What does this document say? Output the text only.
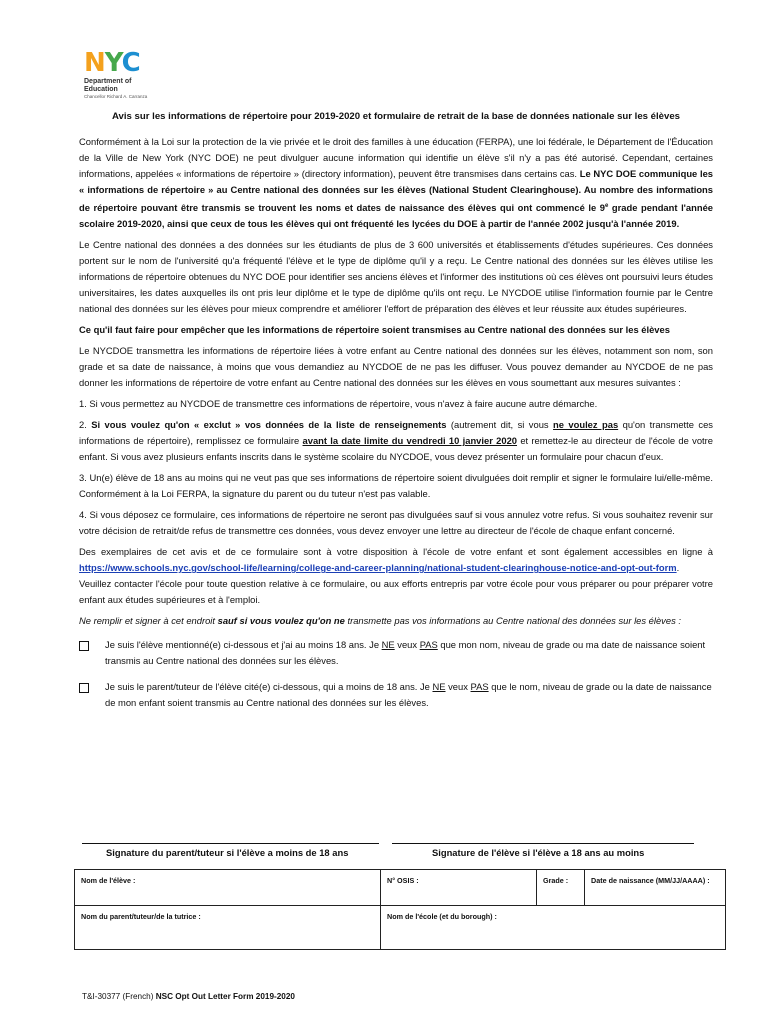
NYC
Department of Education
Chancellor Richard A. Carranza
Avis sur les informations de répertoire pour 2019-2020 et formulaire de retrait de la base de données nationale sur les élèves

Conformément à la Loi sur la protection de la vie privée et le droit des familles à une éducation (FERPA), une loi fédérale, le Département de l'Éducation de la Ville de New York (NYC DOE) ne peut divulguer aucune information qui identifie un élève s'il n'y a pas été autorisé. Cependant, certaines informations, appelées « informations de répertoire » (directory information), peuvent être transmises dans certains cas. Le NYC DOE communique les « informations de répertoire » au Centre national des données sur les élèves (National Student Clearinghouse). Au nombre des informations de répertoire pouvant être transmis se trouvent les noms et dates de naissance des élèves qui ont commencé le 9e grade pendant l'année scolaire 2019-2020, ainsi que ceux de tous les élèves qui ont fréquenté les lycées du DOE à partir de l'année 2002 jusqu'à l'année 2019.

Le Centre national des données a des données sur les étudiants de plus de 3 600 universités et établissements d'études supérieures. Ces données portent sur le nom de l'université qu'a fréquenté l'élève et le type de diplôme qu'il y a reçu. Le Centre national des données sur les élèves utilise les informations de répertoire obtenues du NYC DOE pour identifier ses anciens élèves et l'informer des institutions où ces élèves ont poursuivi leurs études universitaires, les dates auxquelles ils ont pris leur diplôme et le type de diplôme qu'ils ont reçu. Le NYCDOE utilise l'information fournie par le Centre national des données sur les élèves pour mieux comprendre et améliorer l'effort de préparation des élèves et leur réussite aux études supérieures.

Ce qu'il faut faire pour empêcher que les informations de répertoire soient transmises au Centre national des données sur les élèves

Le NYCDOE transmettra les informations de répertoire liées à votre enfant au Centre national des données sur les élèves, notamment son nom, son grade et sa date de naissance, à moins que vous demandiez au NYCDOE de ne pas les diffuser. Vous pouvez demander au NYCDOE de ne pas donner les informations de répertoire de votre enfant au Centre national des données sur les élèves en vous soumettant aux mesures suivantes :

1. Si vous permettez au NYCDOE de transmettre ces informations de répertoire, vous n'avez à faire aucune autre démarche.

2. Si vous voulez qu'on « exclut » vos données de la liste de renseignements (autrement dit, si vous ne voulez pas qu'on transmette ces informations de répertoire), remplissez ce formulaire avant la date limite du vendredi 10 janvier 2020 et remettez-le au directeur de l'école de votre enfant. Si vous avez plusieurs enfants inscrits dans le système scolaire du NYCDOE, vous devez présenter un formulaire pour chacun d'eux.

3. Un(e) élève de 18 ans au moins qui ne veut pas que ses informations de répertoire soient divulguées doit remplir et signer le formulaire lui/elle-même. Conformément à la Loi FERPA, la signature du parent ou du tuteur n'est pas valable.

4. Si vous déposez ce formulaire, ces informations de répertoire ne seront pas divulguées sauf si vous annulez votre refus. Si vous souhaitez revenir sur votre décision de retrait/de refus de transmettre ces données, vous devez envoyer une lettre au directeur de l'école de chaque enfant concerné.

Des exemplaires de cet avis et de ce formulaire sont à votre disposition à l'école de votre enfant et sont également accessibles en ligne à https://www.schools.nyc.gov/school-life/learning/college-and-career-planning/national-student-clearinghouse-notice-and-opt-out-form. Veuillez contacter l'école pour toute question relative à ce formulaire, ou aux efforts entrepris par votre école pour vous préparer ou pour préparer votre enfant aux études supérieures et à l'emploi.

Ne remplir et signer à cet endroit sauf si vous voulez qu'on ne transmette pas vos informations au Centre national des données sur les élèves :

Je suis l'élève mentionné(e) ci-dessous et j'ai au moins 18 ans. Je NE veux PAS que mon nom, niveau de grade ou ma date de naissance soient transmis au Centre national des données sur les élèves.
Je suis le parent/tuteur de l'élève cité(e) ci-dessous, qui a moins de 18 ans. Je NE veux PAS que le nom, niveau de grade ou la date de naissance de mon enfant soient transmis au Centre national des données sur les élèves.
Signature du parent/tuteur si l'élève a moins de 18 ans	Signature de l'élève si l'élève a 18 ans au moins
Nom de l'élève :	N° OSIS :	Grade :	Date de naissance (MM/JJ/AAAA) :
Nom du parent/tuteur/de la tutrice :	Nom de l'école (et du borough) :		
T&I-30377 (French) NSC Opt Out Letter Form 2019-2020
